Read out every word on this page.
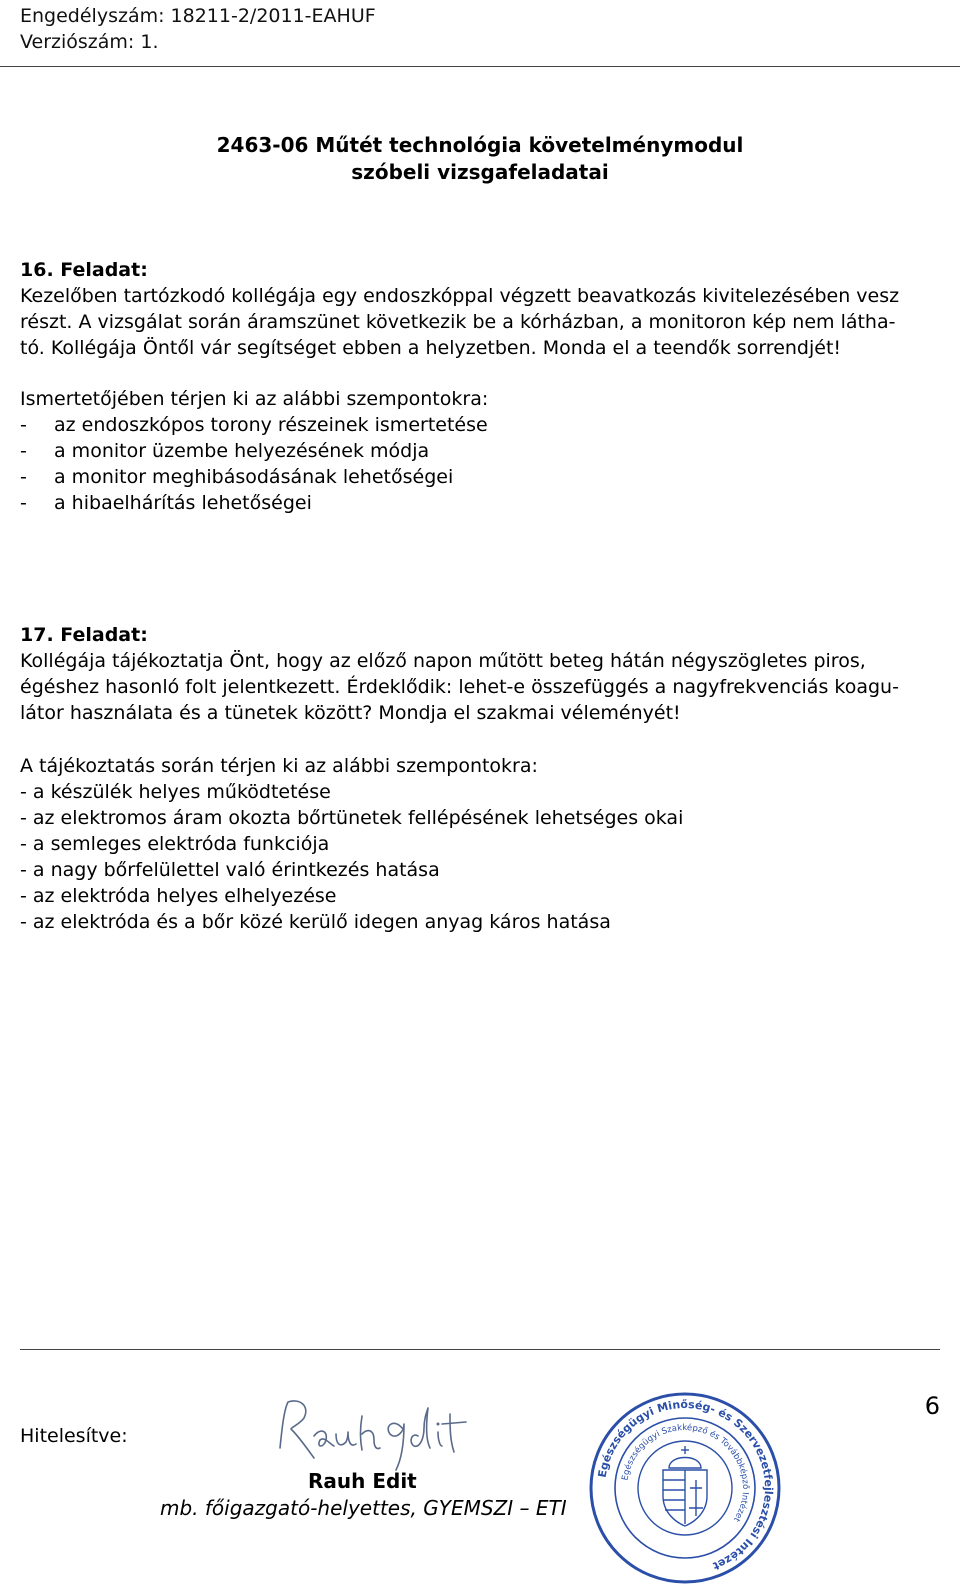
Engedélyszám: 18211-2/2011-EAHUF
Verziószám: 1.
2463-06 Műtét technológia követelménymodul
szóbeli vizsgafeladatai
16. Feladat:
Kezelőben tartózkodó kollégája egy endoszkóppal végzett beavatkozás kivitelezésében vesz
részt. A vizsgálat során áramszünet következik be a kórházban, a monitoron kép nem látha-
tó. Kollégája Öntől vár segítséget ebben a helyzetben. Monda el a teendők sorrendjét!
Ismertetőjében térjen ki az alábbi szempontokra:
- az endoszkópos torony részeinek ismertetése
- a monitor üzembe helyezésének módja
- a monitor meghibásodásának lehetőségei
- a hibaelhárítás lehetőségei
17. Feladat:
Kollégája tájékoztatja Önt, hogy az előző napon műtött beteg hátán négyszögletes piros,
égéshez hasonló folt jelentkezett. Érdeklődik: lehet-e összefüggés a nagyfrekvenciás koagu-
látor használata és a tünetek között? Mondja el szakmai véleményét!
A tájékoztatás során térjen ki az alábbi szempontokra:
- a készülék helyes működtetése
- az elektromos áram okozta bőrtünetek fellépésének lehetséges okai
- a semleges elektróda funkciója
- a nagy bőrfelülettel való érintkezés hatása
- az elektróda helyes elhelyezése
- az elektróda és a bőr közé kerülő idegen anyag káros hatása
6
Hitelesítve:
Rauh Edit
mb. főigazgató-helyettes, GYEMSZI – ETI
Egészségügyi Minőség- és Szervezetfejlesztési Intézet
Egészségügyi Szakképző és Továbbképző Intézet
